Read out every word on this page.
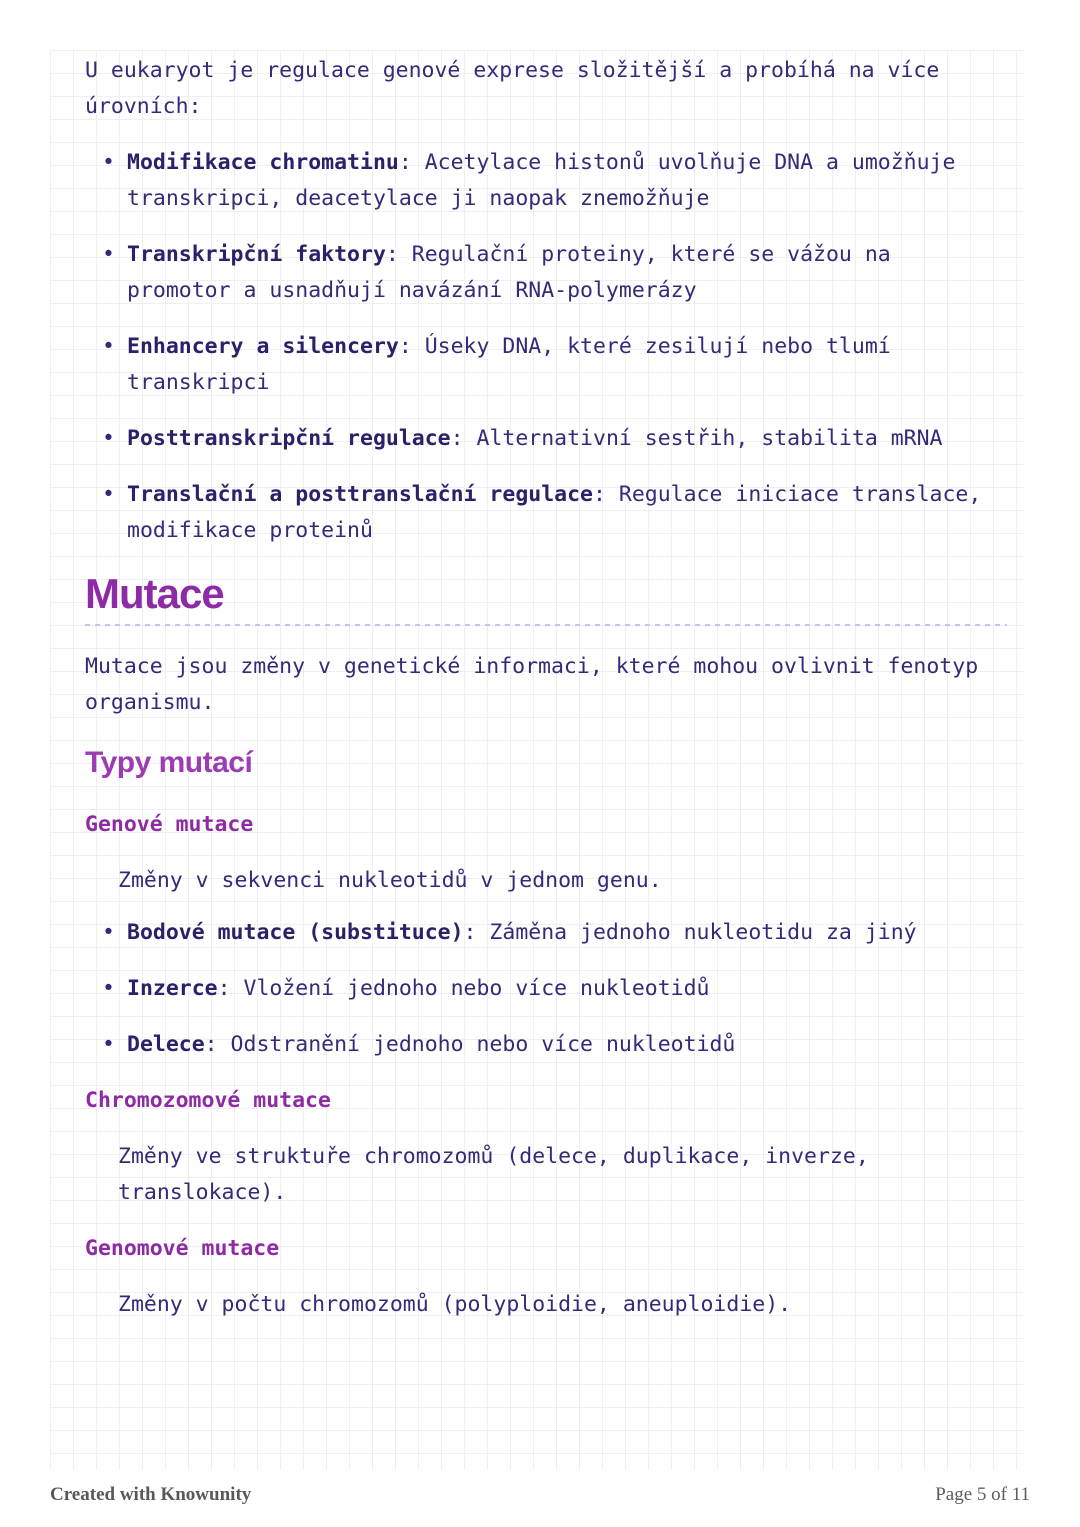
U eukaryot je regulace genové exprese složitější a probíhá na více úrovních:

• Modifikace chromatinu: Acetylace histonů uvolňuje DNA a umožňuje transkripci, deacetylace ji naopak znemožňuje
• Transkripční faktory: Regulační proteiny, které se vážou na promotor a usnadňují navázání RNA-polymerázy
• Enhancery a silencery: Úseky DNA, které zesilují nebo tlumí transkripci
• Posttranskripční regulace: Alternativní sestřih, stabilita mRNA
• Translační a posttranslační regulace: Regulace iniciace translace, modifikace proteinů
Mutace

Mutace jsou změny v genetické informaci, které mohou ovlivnit fenotyp organismu.

Typy mutací

Genové mutace

Změny v sekvenci nukleotidů v jednom genu.

• Bodové mutace (substituce): Záměna jednoho nukleotidu za jiný
• Inzerce: Vložení jednoho nebo více nukleotidů
• Delece: Odstranění jednoho nebo více nukleotidů

Chromozomové mutace

Změny ve struktuře chromozomů (delece, duplikace, inverze, translokace).

Genomové mutace

Změny v počtu chromozomů (polyploidie, aneuploidie).

Created with Knowunity	Page 5 of 11
